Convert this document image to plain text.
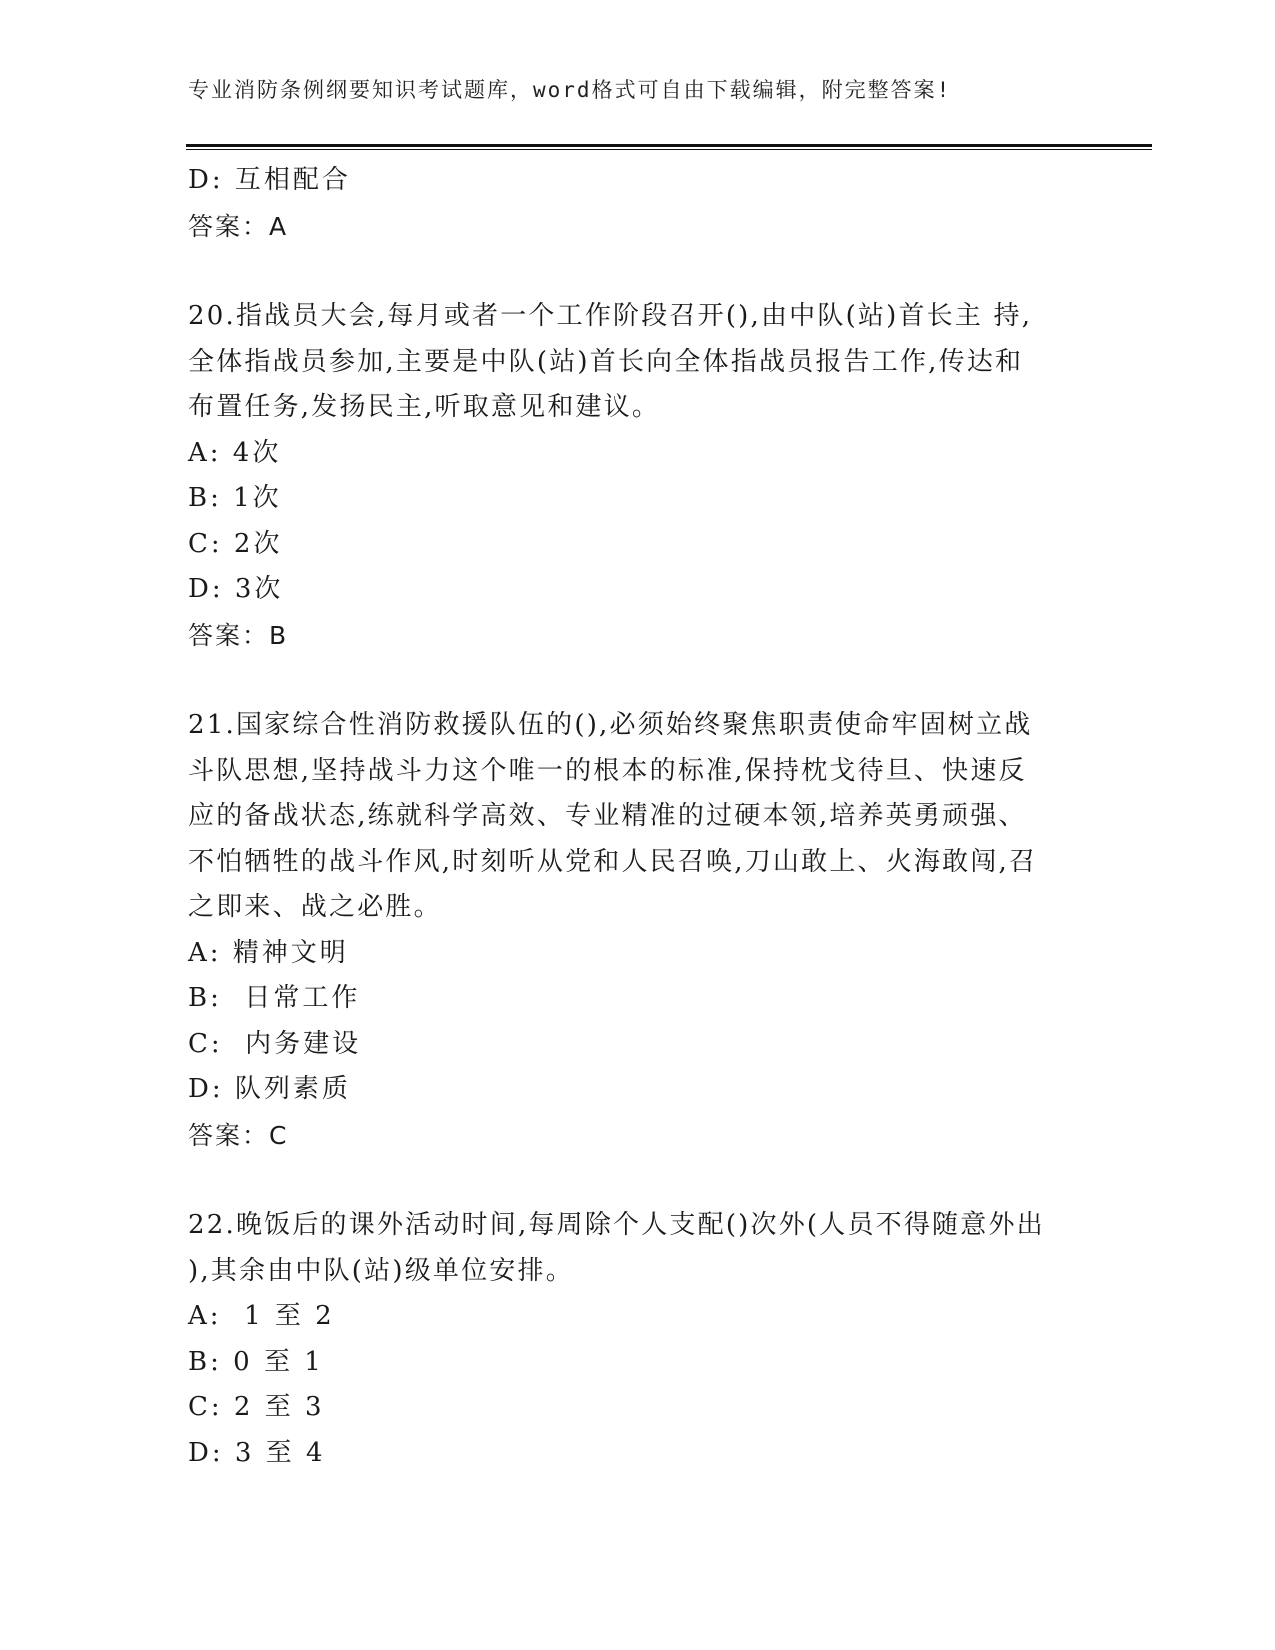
专业消防条例纲要知识考试题库，word格式可自由下载编辑，附完整答案!
D: 互相配合
答案：A
20.指战员大会,每月或者一个工作阶段召开(),由中队(站)首长主 持,
全体指战员参加,主要是中队(站)首长向全体指战员报告工作,传达和
布置任务,发扬民主,听取意见和建议。
A: 4次
B: 1次
C: 2次
D: 3次
答案：B
21.国家综合性消防救援队伍的(),必须始终聚焦职责使命牢固树立战
斗队思想,坚持战斗力这个唯一的根本的标准,保持枕戈待旦、快速反
应的备战状态,练就科学高效、专业精准的过硬本领,培养英勇顽强、
不怕牺牲的战斗作风,时刻听从党和人民召唤,刀山敢上、火海敢闯,召
之即来、战之必胜。
A: 精神文明
B:  日常工作
C:  内务建设
D: 队列素质
答案：C
22.晚饭后的课外活动时间,每周除个人支配()次外(人员不得随意外出
),其余由中队(站)级单位安排。
A:  1 至 2
B: 0 至 1
C: 2 至 3
D: 3 至 4
